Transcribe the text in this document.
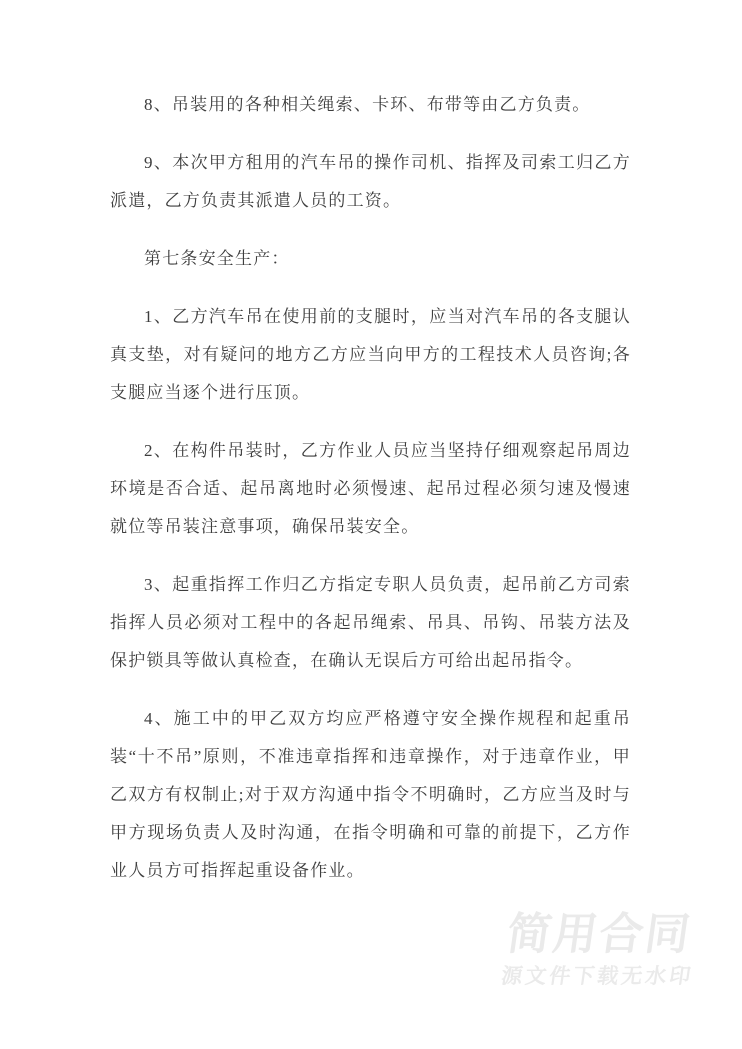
8、吊装用的各种相关绳索、卡环、布带等由乙方负责。

9、本次甲方租用的汽车吊的操作司机、指挥及司索工归乙方派遣，乙方负责其派遣人员的工资。

第七条安全生产：

1、乙方汽车吊在使用前的支腿时，应当对汽车吊的各支腿认真支垫，对有疑问的地方乙方应当向甲方的工程技术人员咨询;各支腿应当逐个进行压顶。

2、在构件吊装时，乙方作业人员应当坚持仔细观察起吊周边环境是否合适、起吊离地时必须慢速、起吊过程必须匀速及慢速就位等吊装注意事项，确保吊装安全。

3、起重指挥工作归乙方指定专职人员负责，起吊前乙方司索指挥人员必须对工程中的各起吊绳索、吊具、吊钩、吊装方法及保护锁具等做认真检查，在确认无误后方可给出起吊指令。

4、施工中的甲乙双方均应严格遵守安全操作规程和起重吊装“十不吊”原则，不准违章指挥和违章操作，对于违章作业，甲乙双方有权制止;对于双方沟通中指令不明确时，乙方应当及时与甲方现场负责人及时沟通，在指令明确和可靠的前提下，乙方作业人员方可指挥起重设备作业。

简用合同
源文件下载无水印
